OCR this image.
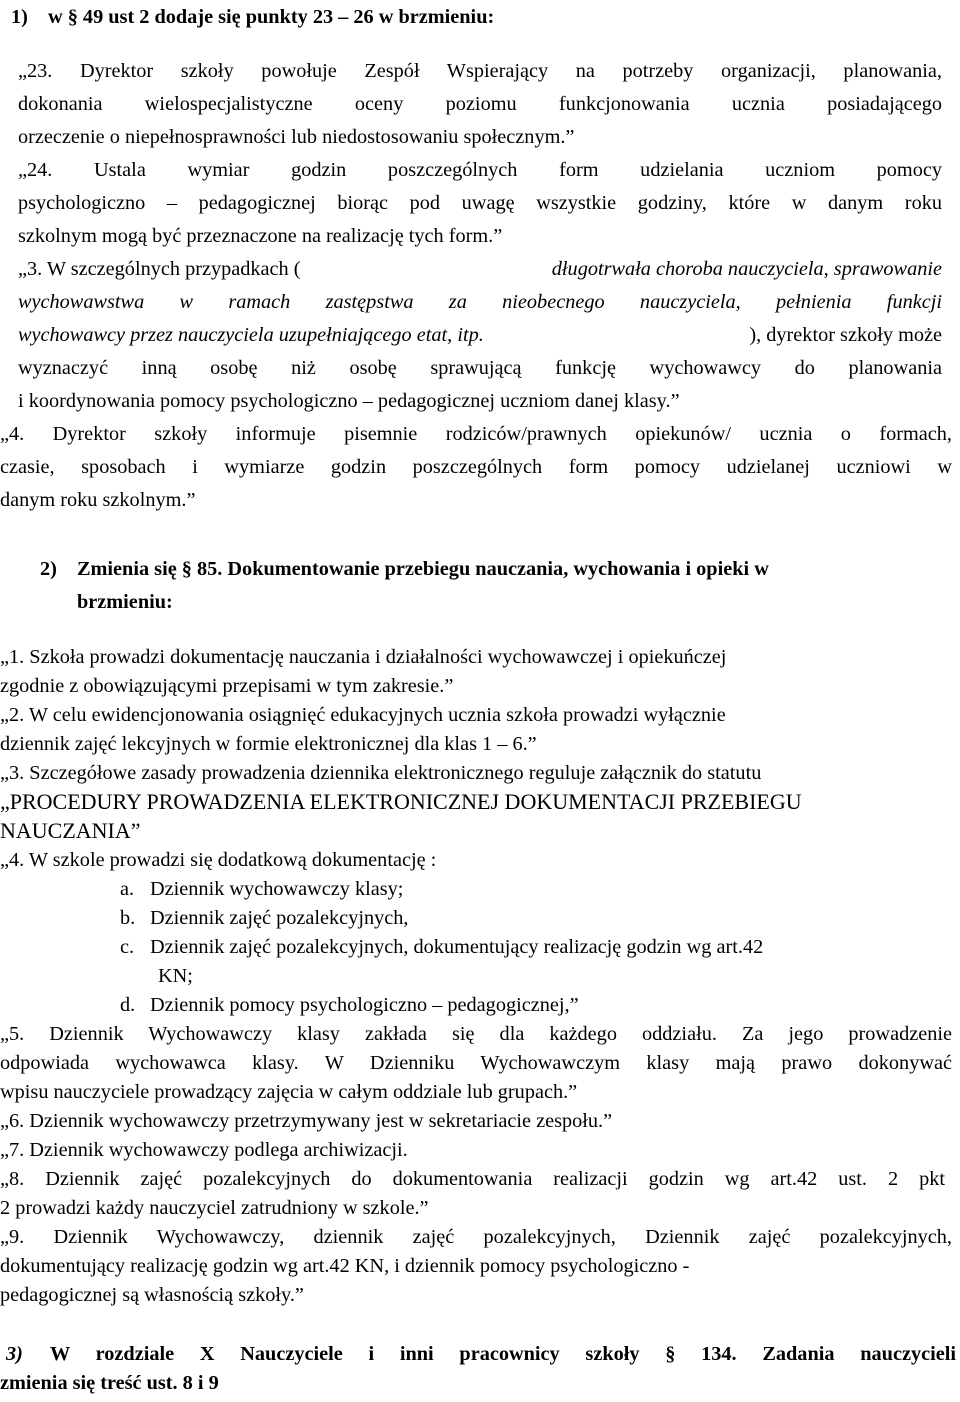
1) w § 49 ust 2 dodaje się punkty 23 – 26 w brzmieniu:
„23. Dyrektor szkoły powołuje Zespół Wspierający na potrzeby organizacji, planowania,
dokonania wielospecjalistyczne oceny poziomu funkcjonowania ucznia posiadającego
orzeczenie o niepełnosprawności lub niedostosowaniu społecznym.”
„24. Ustala wymiar godzin poszczególnych form udzielania uczniom pomocy
psychologiczno – pedagogicznej biorąc pod uwagę wszystkie godziny, które w danym roku
szkolnym mogą być przeznaczone na realizację tych form.”
„3. W szczególnych przypadkach (	długotrwała choroba nauczyciela, sprawowanie
wychowawstwa w ramach zastępstwa za nieobecnego nauczyciela, pełnienia funkcji
wychowawcy przez nauczyciela uzupełniającego etat, itp.	), dyrektor szkoły może
wyznaczyć inną osobę niż osobę sprawującą funkcję wychowawcy do planowania
i koordynowania pomocy psychologiczno – pedagogicznej uczniom danej klasy.”
„4. Dyrektor szkoły informuje pisemnie rodziców/prawnych opiekunów/ ucznia o formach,
czasie, sposobach i wymiarze godzin poszczególnych form pomocy udzielanej uczniowi w
danym roku szkolnym.”
2) Zmienia się § 85. Dokumentowanie przebiegu nauczania, wychowania i opieki w
brzmieniu:
„1. Szkoła prowadzi dokumentację nauczania i działalności wychowawczej i opiekuńczej
zgodnie z obowiązującymi przepisami w tym zakresie.”
„2. W celu ewidencjonowania osiągnięć edukacyjnych ucznia szkoła prowadzi wyłącznie
dziennik zajęć lekcyjnych w formie elektronicznej dla klas 1 – 6.”
„3. Szczegółowe zasady prowadzenia dziennika elektronicznego reguluje załącznik do statutu
„PROCEDURY PROWADZENIA ELEKTRONICZNEJ DOKUMENTACJI PRZEBIEGU
NAUCZANIA”
„4. W szkole prowadzi się dodatkową dokumentację :
a. Dziennik wychowawczy klasy;
b. Dziennik zajęć pozalekcyjnych,
c. Dziennik zajęć pozalekcyjnych, dokumentujący realizację godzin wg art.42
KN;
d. Dziennik pomocy psychologiczno – pedagogicznej,”
„5. Dziennik Wychowawczy klasy zakłada się dla każdego oddziału. Za jego prowadzenie
odpowiada wychowawca klasy. W Dzienniku Wychowawczym klasy mają prawo dokonywać
wpisu nauczyciele prowadzący zajęcia w całym oddziale lub grupach.”
„6. Dziennik wychowawczy przetrzymywany jest w sekretariacie zespołu.”
„7. Dziennik wychowawczy podlega archiwizacji.
„8. Dziennik zajęć pozalekcyjnych do dokumentowania realizacji godzin wg art.42 ust. 2 pkt
2 prowadzi każdy nauczyciel zatrudniony w szkole.”
„9. Dziennik Wychowawczy, dziennik zajęć pozalekcyjnych, Dziennik zajęć pozalekcyjnych,
dokumentujący realizację godzin wg art.42 KN, i dziennik pomocy psychologiczno -
pedagogicznej są własnością szkoły.”
3) W rozdziale X Nauczyciele i inni pracownicy szkoły § 134. Zadania nauczycieli
zmienia się treść ust. 8 i 9
